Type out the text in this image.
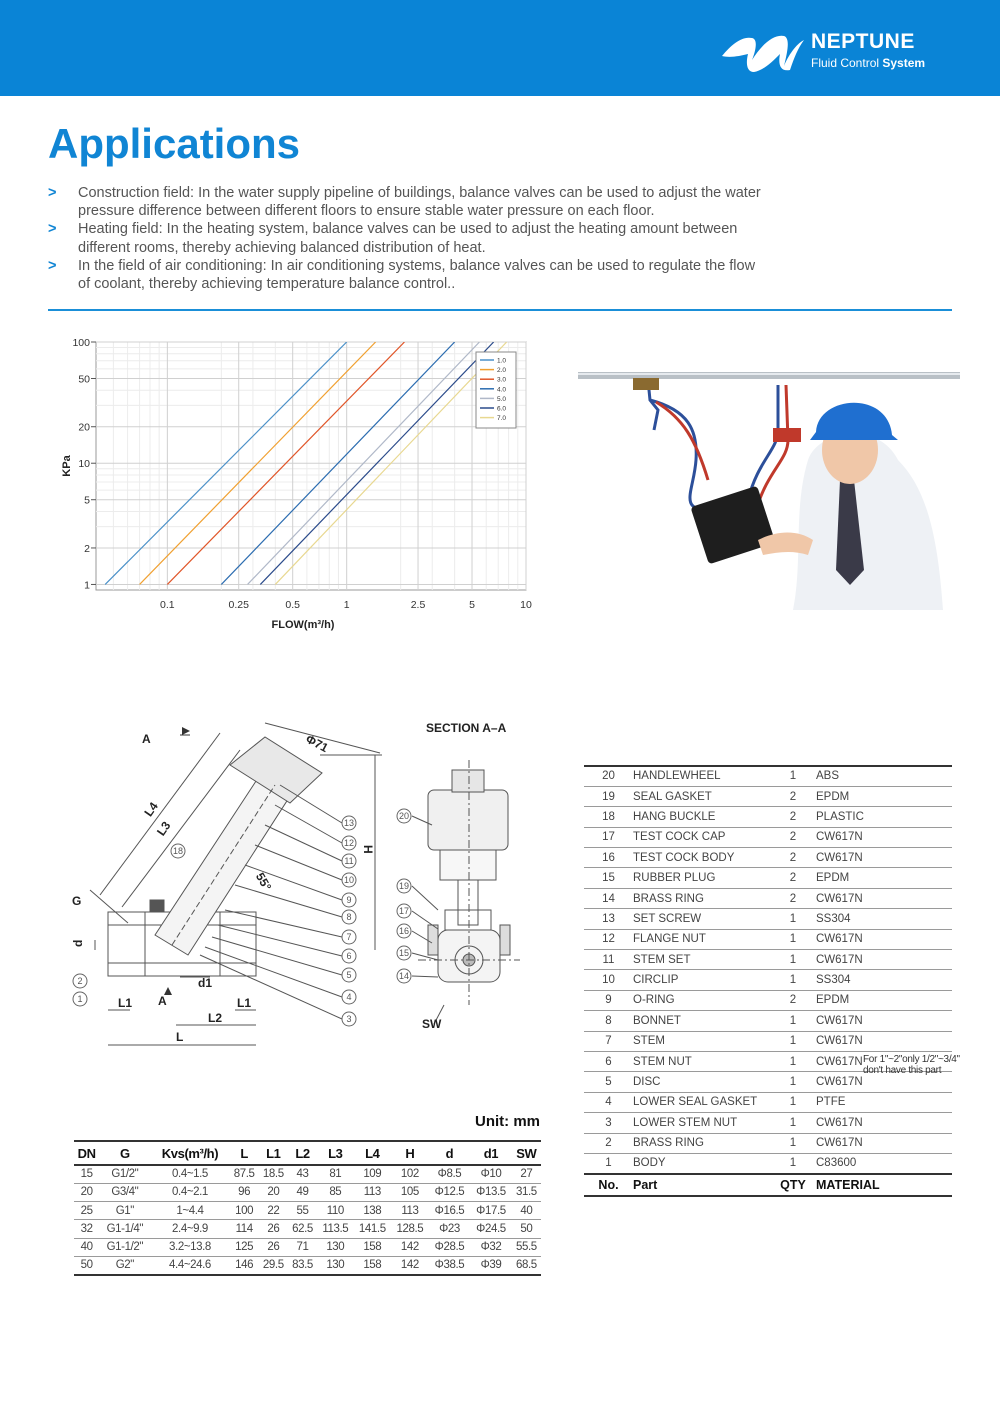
NEPTUNE
Fluid Control System
Applications
> Construction field: In the water supply pipeline of buildings, balance valves can be used to adjust the water pressure difference between different floors to ensure stable water pressure on each floor.
> Heating field: In the heating system, balance valves can be used to adjust the heating amount between different rooms, thereby achieving balanced distribution of heat.
> In the field of air conditioning: In air conditioning systems, balance valves can be used to regulate the flow of coolant, thereby achieving temperature balance control..
0.1	0.25	0.5	1	2.5	5	10
1
2
5
10
20
50
100
1.0
2.0
3.0
4.0
5.0
6.0
7.0
FLOW(m³/h)
KPa
A
A
Φ71
L4
L3
H
55°
G
d
d1
L1	L1
L2
L
SW
SECTION A–A
13
12
11
10
9
8
7
6
5
4
3
2
1
18
20
19
17
16
15
14
20	HANDLEWHEEL	1	ABS
19	SEAL GASKET	2	EPDM
18	HANG BUCKLE	2	PLASTIC
17	TEST COCK CAP	2	CW617N
16	TEST COCK BODY	2	CW617N
15	RUBBER PLUG	2	EPDM
14	BRASS RING	2	CW617N
13	SET SCREW	1	SS304
12	FLANGE NUT	1	CW617N
11	STEM SET	1	CW617N
10	CIRCLIP	1	SS304
9	O-RING	2	EPDM
8	BONNET	1	CW617N
7	STEM	1	CW617N
6	STEM NUT	1	CW617N
5	DISC	1	CW617N
4	LOWER SEAL GASKET	1	PTFE
3	LOWER STEM NUT	1	CW617N
2	BRASS RING	1	CW617N
1	BODY	1	C83600
No.	Part	QTY	MATERIAL
For 1"~2"only 1/2"~3/4" don't have this part
Unit: mm
DN	G	Kvs(m³/h)	L	L1	L2	L3	L4	H	d	d1	SW
15	G1/2"	0.4~1.5	87.5	18.5	43	81	109	102	Φ8.5	Φ10	27
20	G3/4"	0.4~2.1	96	20	49	85	113	105	Φ12.5	Φ13.5	31.5
25	G1"	1~4.4	100	22	55	110	138	113	Φ16.5	Φ17.5	40
32	G1-1/4"	2.4~9.9	114	26	62.5	113.5	141.5	128.5	Φ23	Φ24.5	50
40	G1-1/2"	3.2~13.8	125	26	71	130	158	142	Φ28.5	Φ32	55.5
50	G2"	4.4~24.6	146	29.5	83.5	130	158	142	Φ38.5	Φ39	68.5
